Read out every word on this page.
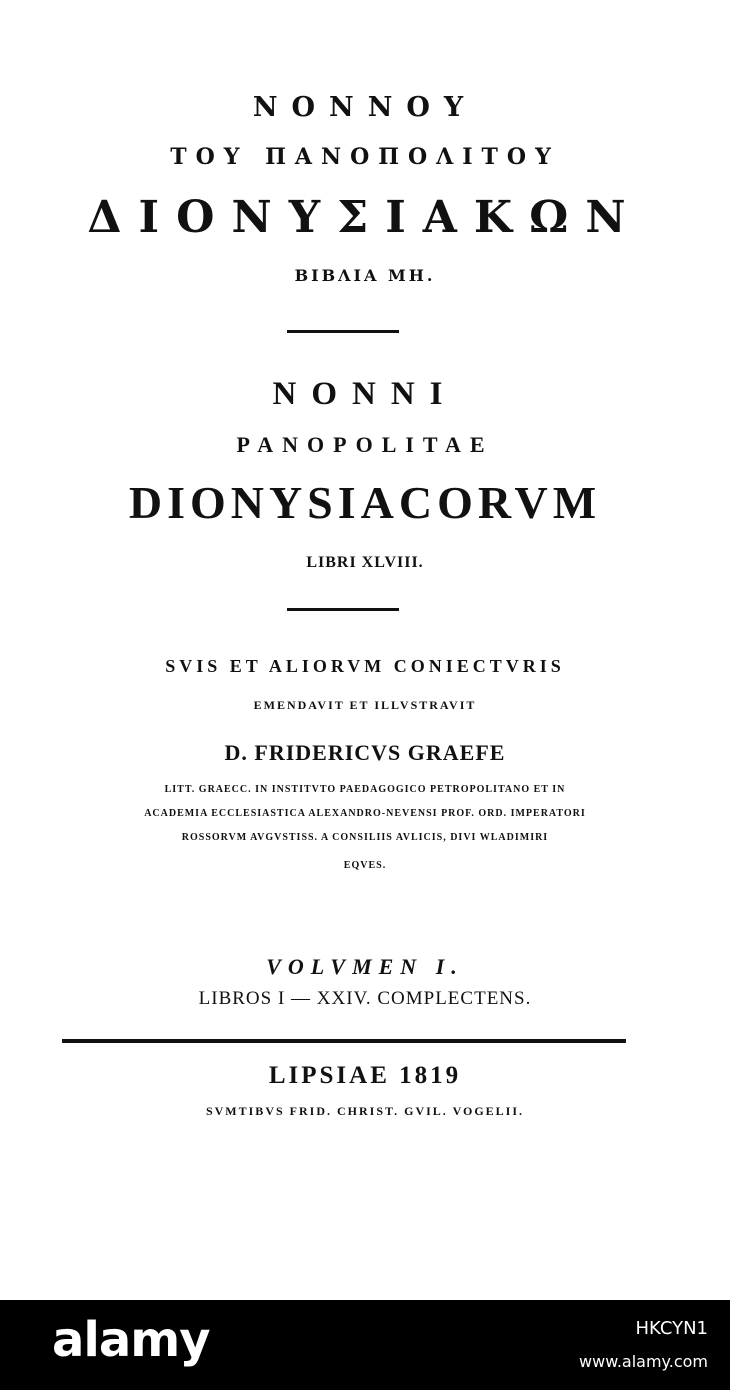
ΝΟΝΝΟΥ
ΤΟΥ ΠΑΝΟΠΟΛΙΤΟΥ
ΔΙΟΝΥΣΙΑΚΩΝ
ΒΙΒΛΙΑ ΜΗ.
NONNI
PANOPOLITAE
DIONYSIACORVM
LIBRI XLVIII.
SVIS ET ALIORVM CONIECTVRIS
EMENDAVIT ET ILLVSTRAVIT
D. FRIDERICVS GRAEFE
LITT. GRAECC. IN INSTITVTO PAEDAGOGICO PETROPOLITANO ET IN
ACADEMIA ECCLESIASTICA ALEXANDRO-NEVENSI PROF. ORD. IMPERATORI
ROSSORVM AVGVSTISS. A CONSILIIS AVLICIS, DIVI WLADIMIRI
EQVES.
VOLVMEN I.
LIBROS I — XXIV. COMPLECTENS.
LIPSIAE 1819
SVMTIBVS FRID. CHRIST. GVIL. VOGELII.
alamy	HKCYN1
www.alamy.com
